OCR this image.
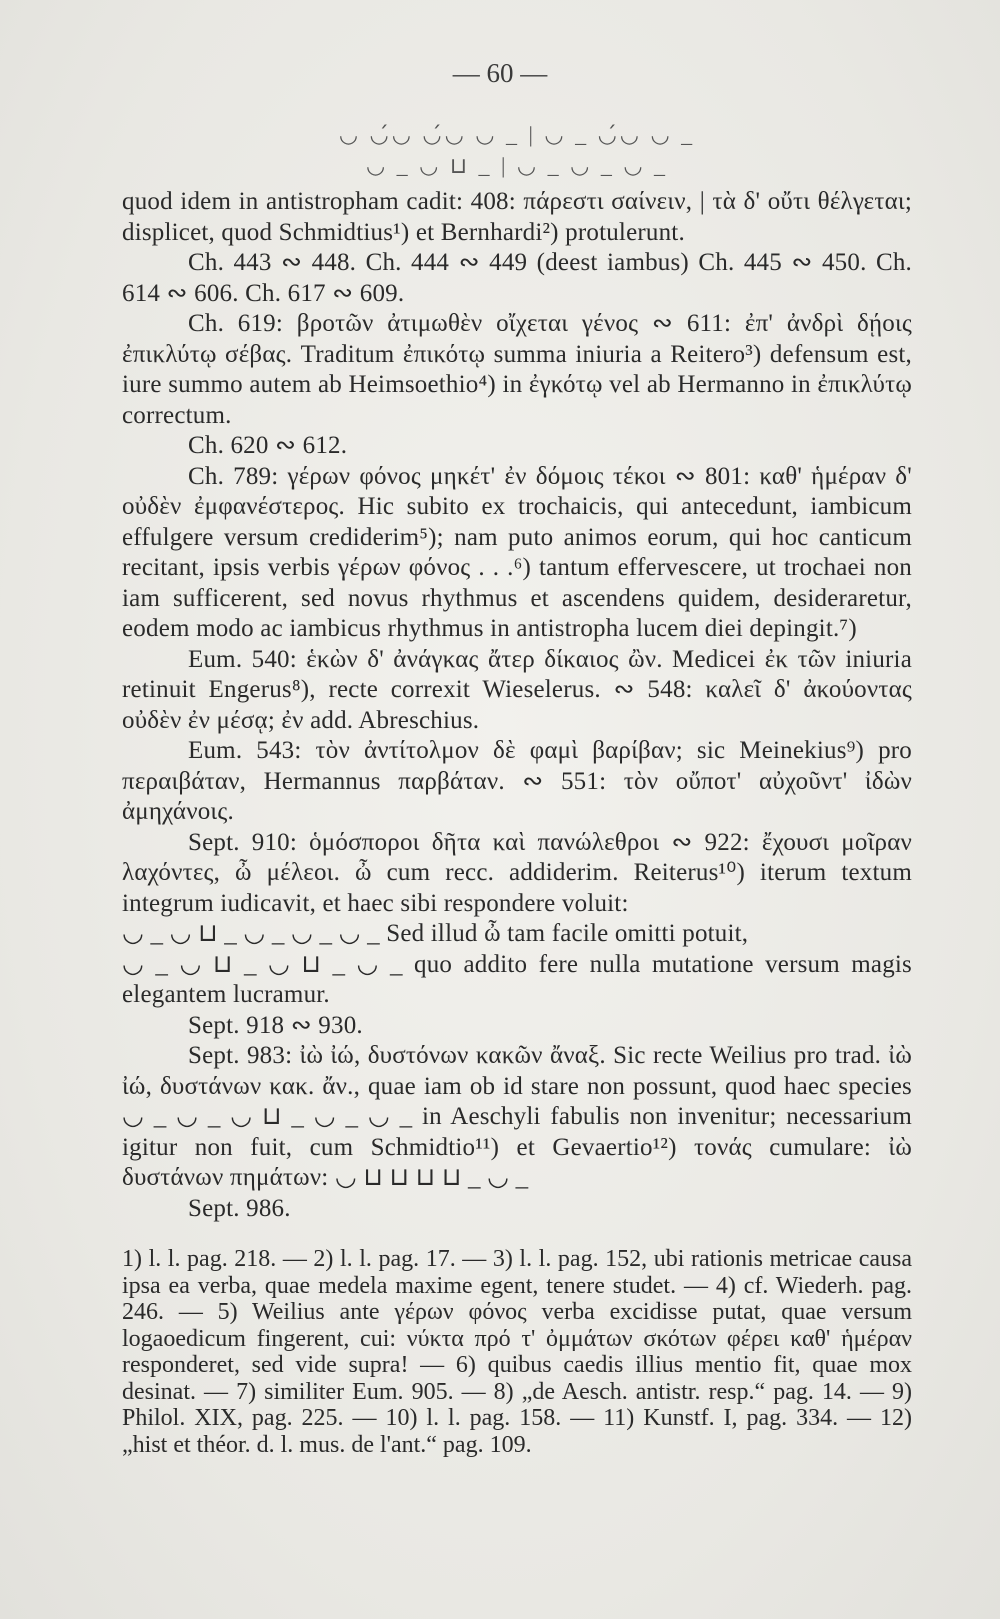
— 60 —
◡ ◡́◡ ◡́◡ ◡ _ | ◡ _ ◡́◡ ◡ _
◡ _ ◡ ⊔ _ | ◡ _ ◡ _ ◡ _
quod idem in antistropham cadit: 408: πάρεστι σαίνειν, | τὰ δ' οὔτι θέλγεται; displicet, quod Schmidtius¹) et Bernhardi²) protulerunt.
Ch. 443 ∾ 448. Ch. 444 ∾ 449 (deest iambus) Ch. 445 ∾ 450. Ch. 614 ∾ 606. Ch. 617 ∾ 609.
Ch. 619: βροτῶν ἀτιμωθὲν οἴχεται γένος ∾ 611: ἐπ' ἀνδρὶ δῄοις ἐπικλύτῳ σέβας. Traditum ἐπικότῳ summa iniuria a Reitero³) defensum est, iure summo autem ab Heimsoethio⁴) in ἐγκότῳ vel ab Hermanno in ἐπικλύτῳ correctum.
Ch. 620 ∾ 612.
Ch. 789: γέρων φόνος μηκέτ' ἐν δόμοις τέκοι ∾ 801: καθ' ἡμέραν δ' οὐδὲν ἐμφανέστερος. Hic subito ex trochaicis, qui antecedunt, iambicum effulgere versum crediderim⁵); nam puto animos eorum, qui hoc canticum recitant, ipsis verbis γέρων φόνος . . .⁶) tantum effervescere, ut trochaei non iam sufficerent, sed novus rhythmus et ascendens quidem, desideraretur, eodem modo ac iambicus rhythmus in antistropha lucem diei depingit.⁷)
Eum. 540: ἑκὼν δ' ἀνάγκας ἄτερ δίκαιος ὢν. Medicei ἐκ τῶν iniuria retinuit Engerus⁸), recte correxit Wieselerus. ∾ 548: καλεῖ δ' ἀκούοντας οὐδὲν ἐν μέσᾳ; ἐν add. Abreschius.
Eum. 543: τὸν ἀντίτολμον δὲ φαμὶ βαρίβαν; sic Meinekius⁹) pro περαιβάταν, Hermannus παρβάταν. ∾ 551: τὸν οὔποτ' αὐχοῦντ' ἰδὼν ἀμηχάνοις.
Sept. 910: ὁμόσποροι δῆτα καὶ πανώλεθροι ∾ 922: ἔχουσι μοῖραν λαχόντες, ὦ μέλεοι. ὦ cum recc. addiderim. Reiterus¹⁰) iterum textum integrum iudicavit, et haec sibi respondere voluit:
◡ _ ◡ ⊔ _ ◡ _ ◡ _ ◡ _ Sed illud ὦ tam facile omitti potuit,
◡ _ ◡ ⊔ _ ◡ ⊔ _ ◡ _ quo addito fere nulla mutatione versum magis elegantem lucramur.
Sept. 918 ∾ 930.
Sept. 983: ἰὼ ἰώ, δυστόνων κακῶν ἄναξ. Sic recte Weilius pro trad. ἰὼ ἰώ, δυστάνων κακ. ἄν., quae iam ob id stare non possunt, quod haec species ◡ _ ◡ _ ◡ ⊔ _ ◡ _ ◡ _ in Aeschyli fabulis non invenitur; necessarium igitur non fuit, cum Schmidtio¹¹) et Gevaertio¹²) τονάς cumulare: ἰὼ δυστάνων πημάτων: ◡ ⊔ ⊔ ⊔ ⊔ _ ◡ _
Sept. 986.
1) l. l. pag. 218. — 2) l. l. pag. 17. — 3) l. l. pag. 152, ubi rationis metricae causa ipsa ea verba, quae medela maxime egent, tenere studet. — 4) cf. Wiederh. pag. 246. — 5) Weilius ante γέρων φόνος verba excidisse putat, quae versum logaoedicum fingerent, cui: νύκτα πρό τ' ὀμμάτων σκότων φέρει καθ' ἡμέραν responderet, sed vide supra! — 6) quibus caedis illius mentio fit, quae mox desinat. — 7) similiter Eum. 905. — 8) „de Aesch. antistr. resp.“ pag. 14. — 9) Philol. XIX, pag. 225. — 10) l. l. pag. 158. — 11) Kunstf. I, pag. 334. — 12) „hist et théor. d. l. mus. de l'ant.“ pag. 109.
